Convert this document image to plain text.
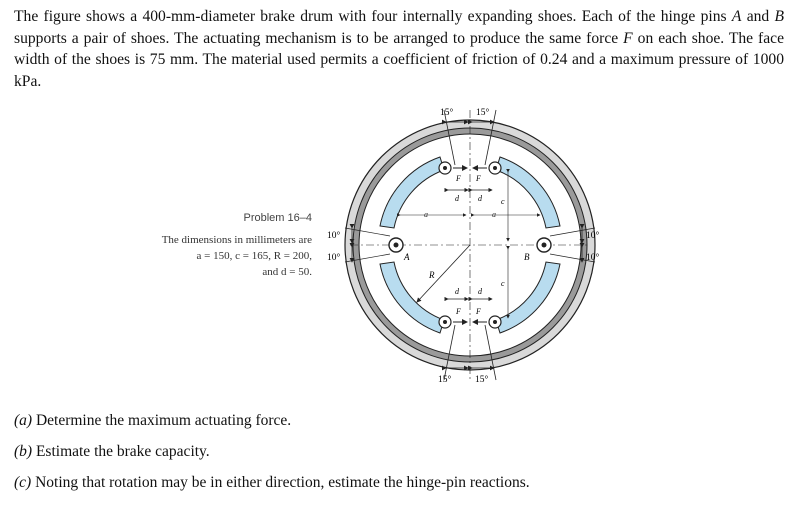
The figure shows a 400-mm-diameter brake drum with four internally expanding shoes. Each of the hinge pins A and B supports a pair of shoes. The actuating mechanism is to be arranged to produce the same force F on each shoe. The face width of the shoes is 75 mm. The material used permits a coefficient of friction of 0.24 and a maximum pressure of 1000 kPa.
Problem 16–4
The dimensions in millimeters are
a = 150, c = 165, R = 200,
and d = 50.
15° 15°
15° 15°
10°
10°
10°
10°
A	B
F F
d d
F F
d d
a	a
c
c
R
(a) Determine the maximum actuating force.
(b) Estimate the brake capacity.
(c) Noting that rotation may be in either direction, estimate the hinge-pin reactions.
